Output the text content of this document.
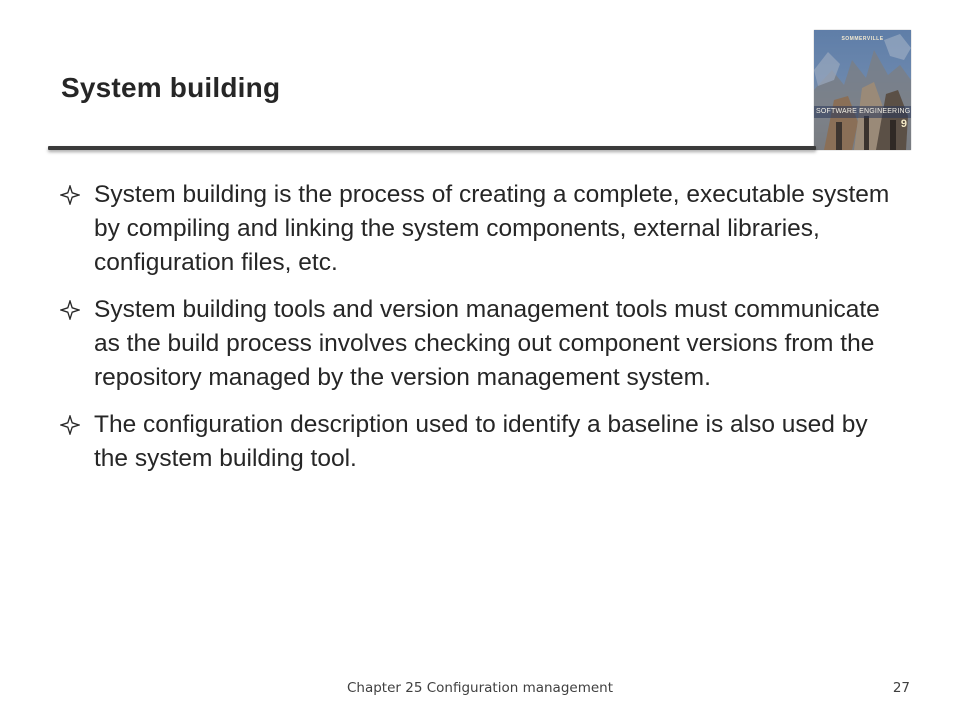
System building
SOMMERVILLE
SOFTWARE ENGINEERING
9
System building is the process of creating a complete, executable system by compiling and linking the system components, external libraries, configuration files, etc.
System building tools and version management tools must communicate as the build process involves checking out component versions from the repository managed by the version management system.
The configuration description used to identify a baseline is also used by the system building tool.
Chapter 25 Configuration management	27
